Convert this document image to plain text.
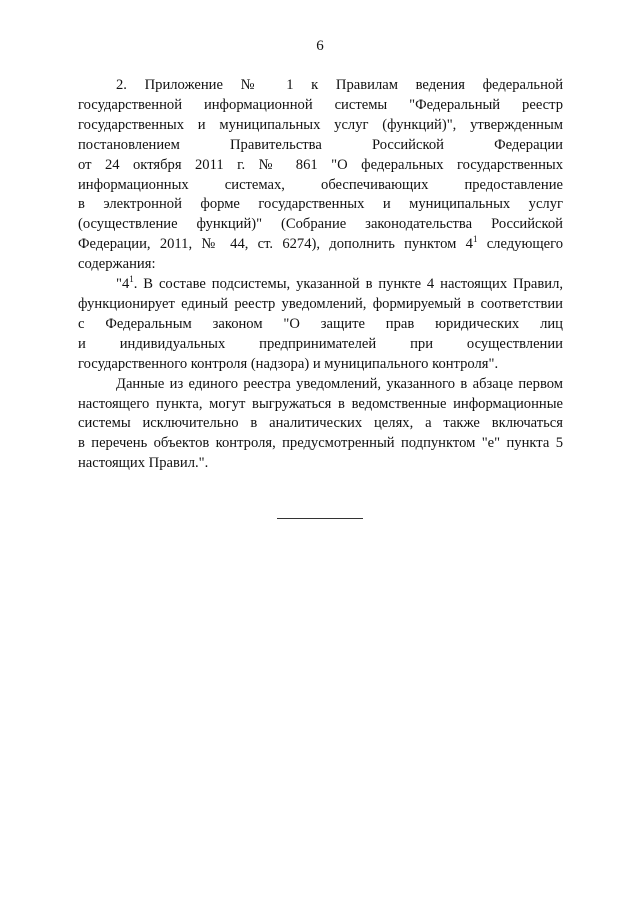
6
2. Приложение № 1 к Правилам ведения федеральной
государственной информационной системы "Федеральный реестр
государственных и муниципальных услуг (функций)", утвержденным
постановлением Правительства Российской Федерации
от 24 октября 2011 г. № 861 "О федеральных государственных
информационных системах, обеспечивающих предоставление
в электронной форме государственных и муниципальных услуг
(осуществление функций)" (Собрание законодательства Российской
Федерации, 2011, № 44, ст. 6274), дополнить пунктом $4^1$ следующего
содержания:
"$4^1$. В составе подсистемы, указанной в пункте 4 настоящих Правил,
функционирует единый реестр уведомлений, формируемый в соответствии
с Федеральным законом "О защите прав юридических лиц
и индивидуальных предпринимателей при осуществлении
государственного контроля (надзора) и муниципального контроля".
Данные из единого реестра уведомлений, указанного в абзаце первом
настоящего пункта, могут выгружаться в ведомственные информационные
системы исключительно в аналитических целях, а также включаться
в перечень объектов контроля, предусмотренный подпунктом "е" пункта 5
настоящих Правил.".
